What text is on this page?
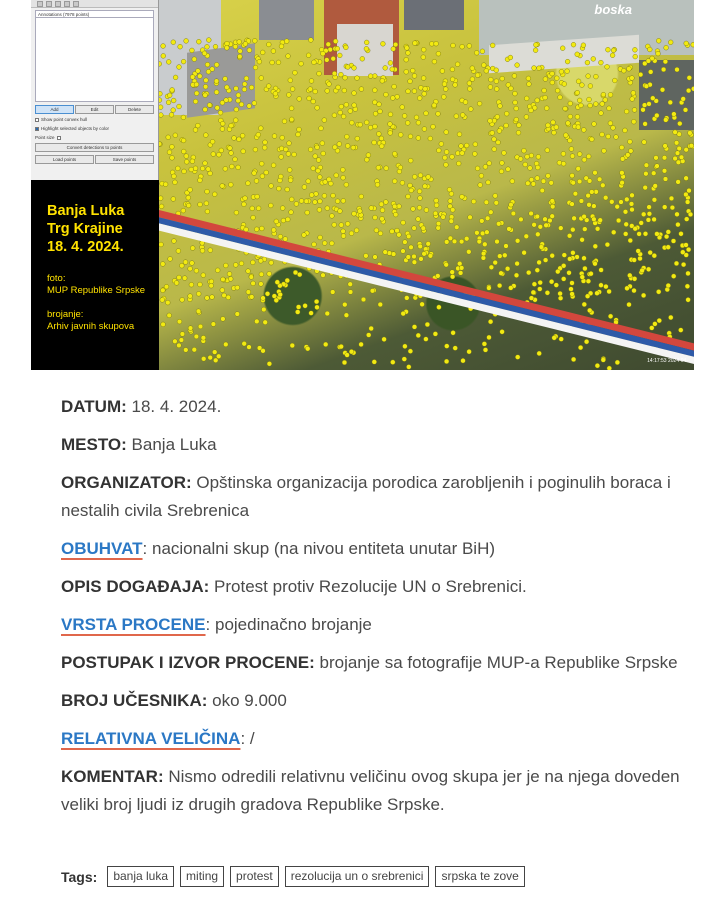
Annotations (7978 points)
Add	Edit	Delete
Show point convex hull
Highlight selected objects by color
Point size
Convert detections to points
Load points	Save points
Banja Luka
Trg Krajine
18. 4. 2024.
foto:
MUP Republike Srpske
brojanje:
Arhiv javnih skupova
boska
14:17:53 2024-04-

DATUM: 18. 4. 2024.

MESTO: Banja Luka

ORGANIZATOR: Opštinska organizacija porodica zarobljenih i poginulih boraca i nestalih civila Srebrenica

OBUHVAT: nacionalni skup (na nivou entiteta unutar BiH)

OPIS DOGAĐAJA: Protest protiv Rezolucije UN o Srebrenici.

VRSTA PROCENE: pojedinačno brojanje

POSTUPAK I IZVOR PROCENE: brojanje sa fotografije MUP-a Republike Srpske

BROJ UČESNIKA: oko 9.000

RELATIVNA VELIČINA: /

KOMENTAR: Nismo odredili relativnu veličinu ovog skupa jer je na njega doveden veliki broj ljudi iz drugih gradova Republike Srpske.

Tags:	banja luka	miting	protest	rezolucija un o srebrenici	srpska te zove
